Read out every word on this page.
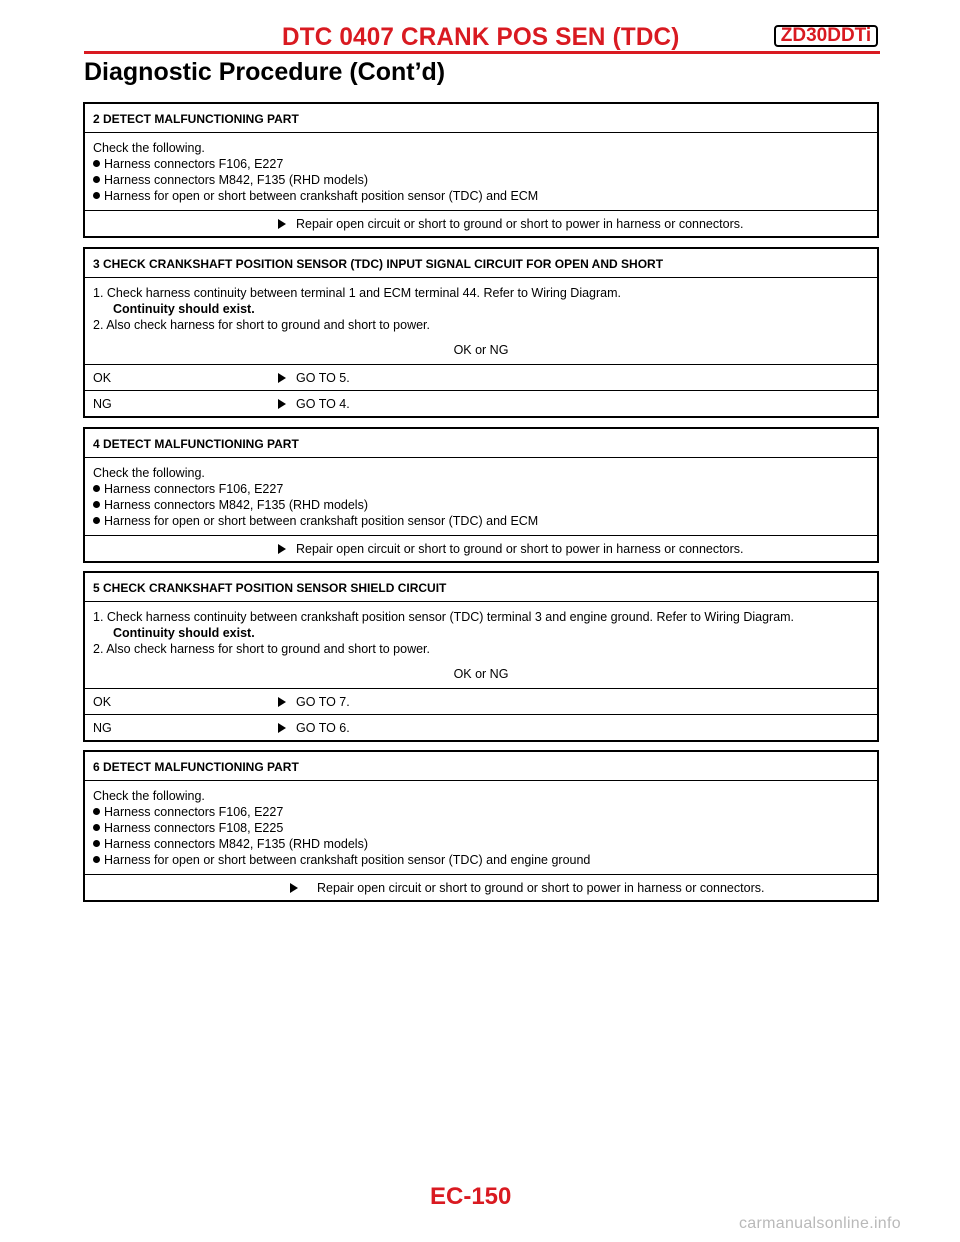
DTC 0407 CRANK POS SEN (TDC)	ZD30DDTi
Diagnostic Procedure (Cont’d)
2 DETECT MALFUNCTIONING PART
Check the following.
Harness connectors F106, E227
Harness connectors M842, F135 (RHD models)
Harness for open or short between crankshaft position sensor (TDC) and ECM
Repair open circuit or short to ground or short to power in harness or connectors.
3 CHECK CRANKSHAFT POSITION SENSOR (TDC) INPUT SIGNAL CIRCUIT FOR OPEN AND SHORT
1. Check harness continuity between terminal 1 and ECM terminal 44. Refer to Wiring Diagram.
Continuity should exist.
2. Also check harness for short to ground and short to power.
OK or NG
OK	GO TO 5.
NG	GO TO 4.
4 DETECT MALFUNCTIONING PART
Check the following.
Harness connectors F106, E227
Harness connectors M842, F135 (RHD models)
Harness for open or short between crankshaft position sensor (TDC) and ECM
Repair open circuit or short to ground or short to power in harness or connectors.
5 CHECK CRANKSHAFT POSITION SENSOR SHIELD CIRCUIT
1. Check harness continuity between crankshaft position sensor (TDC) terminal 3 and engine ground. Refer to Wiring Diagram.
Continuity should exist.
2. Also check harness for short to ground and short to power.
OK or NG
OK	GO TO 7.
NG	GO TO 6.
6 DETECT MALFUNCTIONING PART
Check the following.
Harness connectors F106, E227
Harness connectors F108, E225
Harness connectors M842, F135 (RHD models)
Harness for open or short between crankshaft position sensor (TDC) and engine ground
Repair open circuit or short to ground or short to power in harness or connectors.
EC-150
carmanualsonline.info
